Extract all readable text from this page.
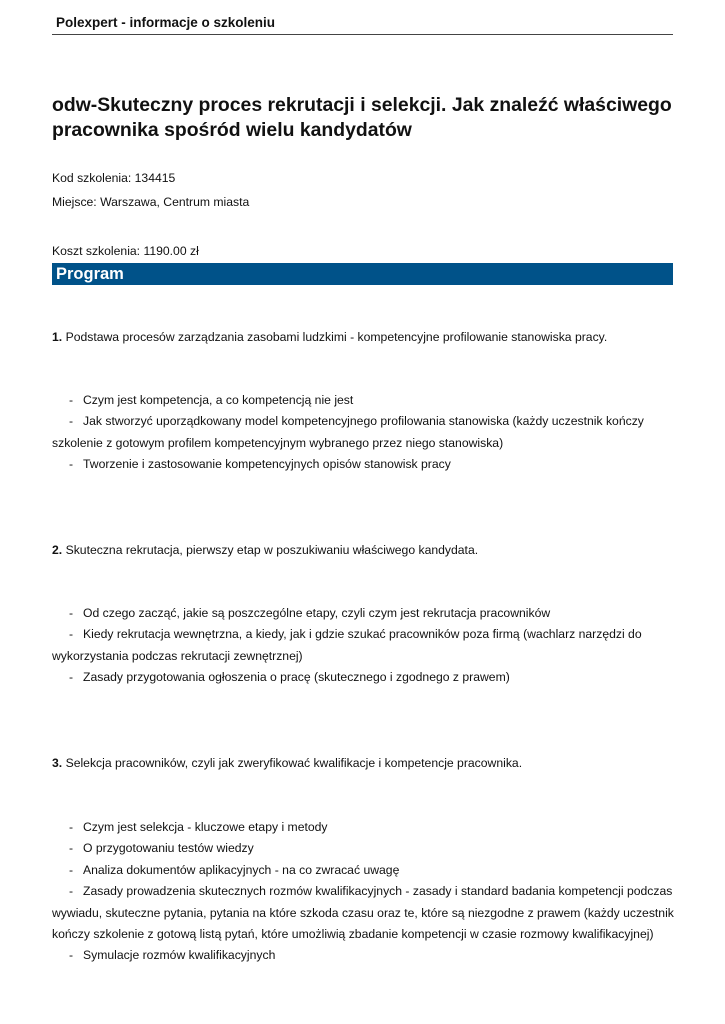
Polexpert - informacje o szkoleniu
odw-Skuteczny proces rekrutacji i selekcji. Jak znaleźć właściwego pracownika spośród wielu kandydatów
Kod szkolenia: 134415
Miejsce: Warszawa, Centrum miasta
Koszt szkolenia: 1190.00 zł
Program
1. Podstawa procesów zarządzania zasobami ludzkimi - kompetencyjne profilowanie stanowiska pracy.
- Czym jest kompetencja, a co kompetencją nie jest
- Jak stworzyć uporządkowany model kompetencyjnego profilowania stanowiska (każdy uczestnik kończy szkolenie z gotowym profilem kompetencyjnym wybranego przez niego stanowiska)
- Tworzenie i zastosowanie kompetencyjnych opisów stanowisk pracy
2. Skuteczna rekrutacja, pierwszy etap w poszukiwaniu właściwego kandydata.
- Od czego zacząć, jakie są poszczególne etapy, czyli czym jest rekrutacja pracowników
- Kiedy rekrutacja wewnętrzna, a kiedy, jak i gdzie szukać pracowników poza firmą (wachlarz narzędzi do wykorzystania podczas rekrutacji zewnętrznej)
- Zasady przygotowania ogłoszenia o pracę (skutecznego i zgodnego z prawem)
3. Selekcja pracowników, czyli jak zweryfikować kwalifikacje i kompetencje pracownika.
- Czym jest selekcja - kluczowe etapy i metody
- O przygotowaniu testów wiedzy
- Analiza dokumentów aplikacyjnych - na co zwracać uwagę
- Zasady prowadzenia skutecznych rozmów kwalifikacyjnych - zasady i standard badania kompetencji podczas wywiadu, skuteczne pytania, pytania na które szkoda czasu oraz te, które są niezgodne z prawem (każdy uczestnik kończy szkolenie z gotową listą pytań, które umożliwią zbadanie kompetencji w czasie rozmowy kwalifikacyjnej)
- Symulacje rozmów kwalifikacyjnych
